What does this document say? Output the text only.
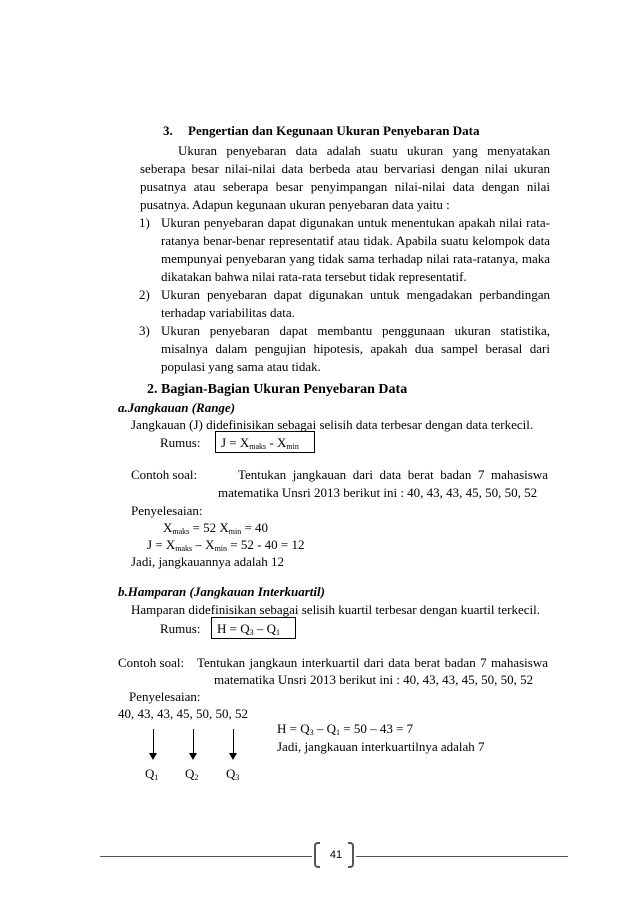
3. Pengertian dan Kegunaan Ukuran Penyebaran Data
Ukuran penyebaran data adalah suatu ukuran yang menyatakan
seberapa besar nilai-nilai data berbeda atau bervariasi dengan nilai ukuran
pusatnya atau seberapa besar penyimpangan nilai-nilai data dengan nilai
pusatnya. Adapun kegunaan ukuran penyebaran data yaitu :
1) Ukuran penyebaran dapat digunakan untuk menentukan apakah nilai rata-
ratanya benar-benar representatif atau tidak. Apabila suatu kelompok data
mempunyai penyebaran yang tidak sama terhadap nilai rata-ratanya, maka
dikatakan bahwa nilai rata-rata tersebut tidak representatif.
2) Ukuran penyebaran dapat digunakan untuk mengadakan perbandingan
terhadap variabilitas data.
3) Ukuran penyebaran dapat membantu penggunaan ukuran statistika,
misalnya dalam pengujian hipotesis, apakah dua sampel berasal dari
populasi yang sama atau tidak.
2. Bagian-Bagian Ukuran Penyebaran Data
a.Jangkauan (Range)
Jangkauan (J) didefinisikan sebagai selisih data terbesar dengan data terkecil.
Rumus:	$J = X_{maks} - X_{min}$
Contoh soal:	Tentukan jangkauan dari data berat badan 7 mahasiswa
matematika Unsri 2013 berikut ini : 40, 43, 43, 45, 50, 50, 52
Penyelesaian:
$X_{maks} = 52$ $X_{min} = 40$
$J = X_{maks} - X_{min} = 52 - 40 = 12$
Jadi, jangkauannya adalah 12
b.Hamparan (Jangkauan Interkuartil)
Hamparan didefinisikan sebagai selisih kuartil terbesar dengan kuartil terkecil.
Rumus:	$H = Q_3 - Q_1$
Contoh soal: Tentukan jangkaun interkuartil dari data berat badan 7 mahasiswa
matematika Unsri 2013 berikut ini : 40, 43, 43, 45, 50, 50, 52
Penyelesaian:
40, 43, 43, 45, 50, 50, 52
$H = Q_3 - Q_1 = 50 - 43 = 7$
Jadi, jangkauan interkuartilnya adalah 7
$Q_1$ $Q_2$ $Q_3$
41
